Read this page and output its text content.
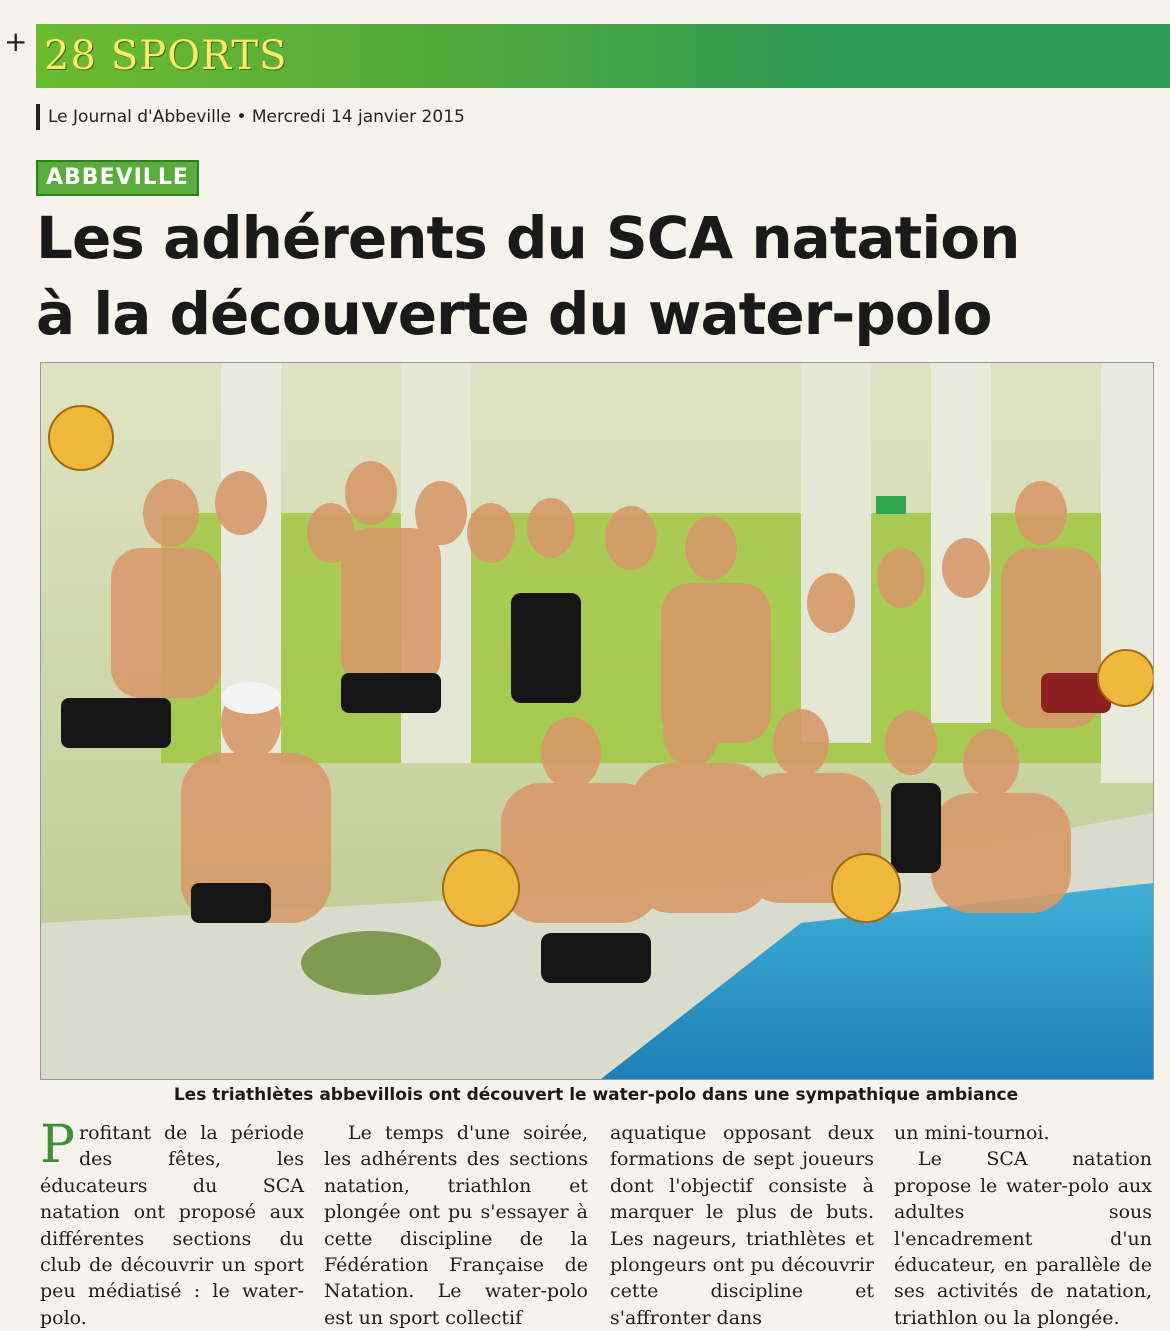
+ 28 SPORTS
Le Journal d'Abbeville • Mercredi 14 janvier 2015
ABBEVILLE
Les adhérents du SCA natation
à la découverte du water-polo

Les triathlètes abbevillois ont découvert le water-polo dans une sympathique ambiance

Profitant de la période des fêtes, les éducateurs du SCA natation ont proposé aux différentes sections du club de découvrir un sport peu médiatisé : le water-polo.

Le temps d'une soirée, les adhérents des sections natation, triathlon et plongée ont pu s'essayer à cette discipline de la Fédération Française de Natation. Le water-polo est un sport collectif

aquatique opposant deux formations de sept joueurs dont l'objectif consiste à marquer le plus de buts. Les nageurs, triathlètes et plongeurs ont pu découvrir cette discipline et s'affronter dans

un mini-tournoi.
Le SCA natation propose le water-polo aux adultes sous l'encadrement d'un éducateur, en parallèle de ses activités de natation, triathlon ou la plongée.
